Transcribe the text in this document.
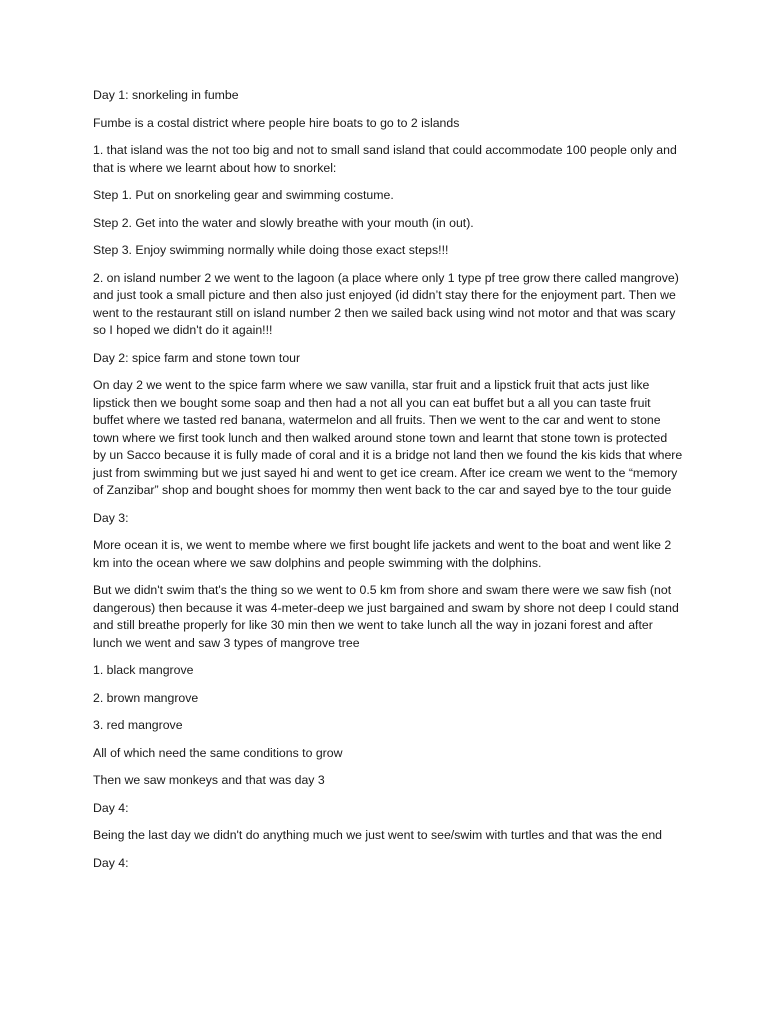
Day 1: snorkeling in fumbe

Fumbe is a costal district where people hire boats to go to 2 islands

1. that island was the not too big and not to small sand island that could accommodate 100 people only and that is where we learnt about how to snorkel:

Step 1. Put on snorkeling gear and swimming costume.

Step 2. Get into the water and slowly breathe with your mouth (in out).

Step 3. Enjoy swimming normally while doing those exact steps!!!

2. on island number 2 we went to the lagoon (a place where only 1 type pf tree grow there called mangrove) and just took a small picture and then also just enjoyed (id didn’t stay there for the enjoyment part. Then we went to the restaurant still on island number 2 then we sailed back using wind not motor and that was scary so I hoped we didn't do it again!!!

Day 2: spice farm and stone town tour

On day 2 we went to the spice farm where we saw vanilla, star fruit and a lipstick fruit that acts just like lipstick then we bought some soap and then had a not all you can eat buffet but a all you can taste fruit buffet where we tasted red banana, watermelon and all fruits. Then we went to the car and went to stone town where we first took lunch and then walked around stone town and learnt that stone town is protected by un Sacco because it is fully made of coral and it is a bridge not land then we found the kis kids that where just from swimming but we just sayed hi and went to get ice cream. After ice cream we went to the “memory of Zanzibar” shop and bought shoes for mommy then went back to the car and sayed bye to the tour guide

Day 3:

More ocean it is, we went to membe where we first bought life jackets and went to the boat and went like 2 km into the ocean where we saw dolphins and people swimming with the dolphins.

But we didn't swim that's the thing so we went to 0.5 km from shore and swam there were we saw fish (not dangerous) then because it was 4-meter-deep we just bargained and swam by shore not deep I could stand and still breathe properly for like 30 min then we went to take lunch all the way in jozani forest and after lunch we went and saw 3 types of mangrove tree

1. black mangrove

2. brown mangrove

3. red mangrove

All of which need the same conditions to grow

Then we saw monkeys and that was day 3

Day 4:

Being the last day we didn't do anything much we just went to see/swim with turtles and that was the end

Day 4:
